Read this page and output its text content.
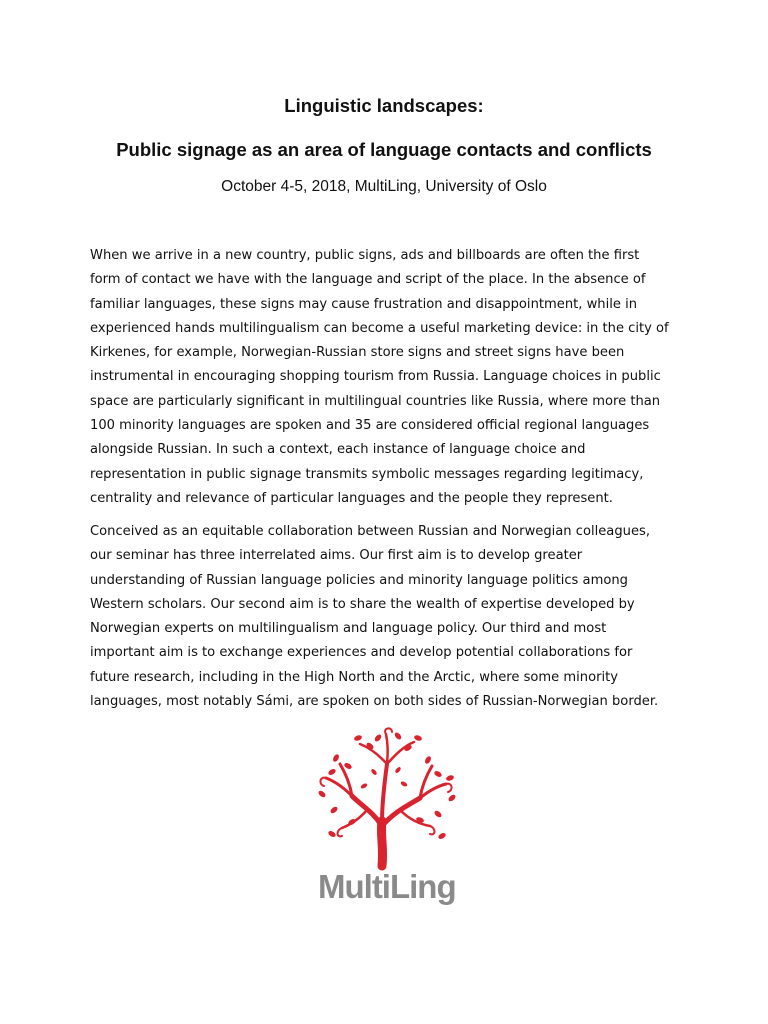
Linguistic landscapes:
Public signage as an area of language contacts and conflicts

October 4-5, 2018, MultiLing, University of Oslo

When we arrive in a new country, public signs, ads and billboards are often the first
form of contact we have with the language and script of the place. In the absence of
familiar languages, these signs may cause frustration and disappointment, while in
experienced hands multilingualism can become a useful marketing device: in the city of
Kirkenes, for example, Norwegian-Russian store signs and street signs have been
instrumental in encouraging shopping tourism from Russia. Language choices in public
space are particularly significant in multilingual countries like Russia, where more than
100 minority languages are spoken and 35 are considered official regional languages
alongside Russian. In such a context, each instance of language choice and
representation in public signage transmits symbolic messages regarding legitimacy,
centrality and relevance of particular languages and the people they represent.

Conceived as an equitable collaboration between Russian and Norwegian colleagues,
our seminar has three interrelated aims. Our first aim is to develop greater
understanding of Russian language policies and minority language politics among
Western scholars. Our second aim is to share the wealth of expertise developed by
Norwegian experts on multilingualism and language policy. Our third and most
important aim is to exchange experiences and develop potential collaborations for
future research, including in the High North and the Arctic, where some minority
languages, most notably Sámi, are spoken on both sides of Russian-Norwegian border.

MultiLing
